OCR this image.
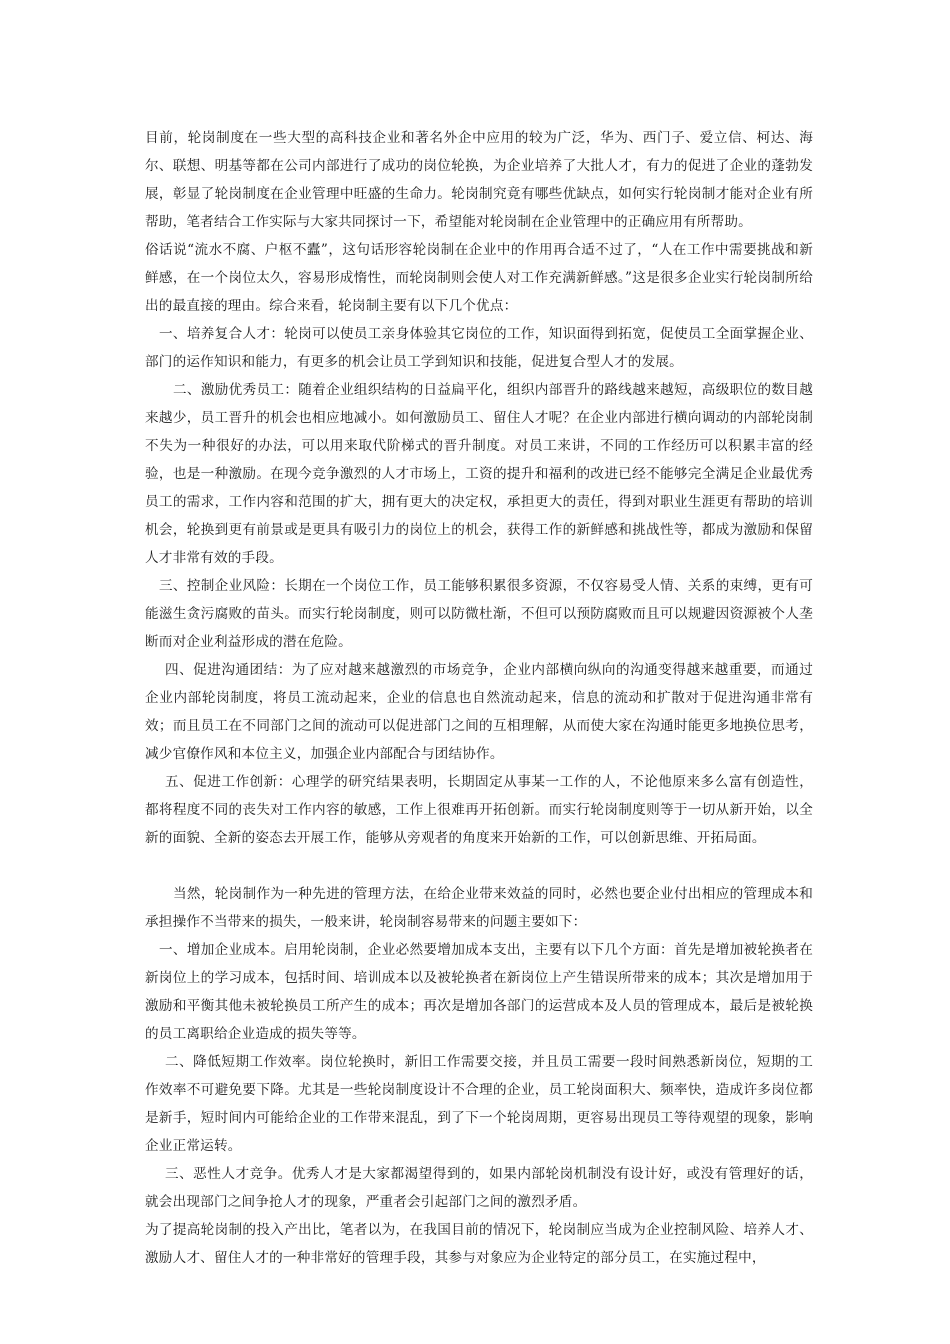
目前，轮岗制度在一些大型的高科技企业和著名外企中应用的较为广泛，华为、西门子、爱立信、柯达、海尔、联想、明基等都在公司内部进行了成功的岗位轮换，为企业培养了大批人才，有力的促进了企业的蓬勃发展，彰显了轮岗制度在企业管理中旺盛的生命力。轮岗制究竟有哪些优缺点，如何实行轮岗制才能对企业有所帮助，笔者结合工作实际与大家共同探讨一下，希望能对轮岗制在企业管理中的正确应用有所帮助。

俗话说“流水不腐、户枢不蠹”，这句话形容轮岗制在企业中的作用再合适不过了，“人在工作中需要挑战和新鲜感，在一个岗位太久，容易形成惰性，而轮岗制则会使人对工作充满新鲜感。”这是很多企业实行轮岗制所给出的最直接的理由。综合来看，轮岗制主要有以下几个优点：

一、培养复合人才：轮岗可以使员工亲身体验其它岗位的工作，知识面得到拓宽，促使员工全面掌握企业、部门的运作知识和能力，有更多的机会让员工学到知识和技能，促进复合型人才的发展。

二、激励优秀员工：随着企业组织结构的日益扁平化，组织内部晋升的路线越来越短，高级职位的数目越来越少，员工晋升的机会也相应地减小。如何激励员工、留住人才呢？在企业内部进行横向调动的内部轮岗制不失为一种很好的办法，可以用来取代阶梯式的晋升制度。对员工来讲，不同的工作经历可以积累丰富的经验，也是一种激励。在现今竞争激烈的人才市场上，工资的提升和福利的改进已经不能够完全满足企业最优秀员工的需求，工作内容和范围的扩大，拥有更大的决定权，承担更大的责任，得到对职业生涯更有帮助的培训机会，轮换到更有前景或是更具有吸引力的岗位上的机会，获得工作的新鲜感和挑战性等，都成为激励和保留人才非常有效的手段。

三、控制企业风险：长期在一个岗位工作，员工能够积累很多资源，不仅容易受人情、关系的束缚，更有可能滋生贪污腐败的苗头。而实行轮岗制度，则可以防微杜渐，不但可以预防腐败而且可以规避因资源被个人垄断而对企业利益形成的潜在危险。

四、促进沟通团结：为了应对越来越激烈的市场竞争，企业内部横向纵向的沟通变得越来越重要，而通过企业内部轮岗制度，将员工流动起来，企业的信息也自然流动起来，信息的流动和扩散对于促进沟通非常有效；而且员工在不同部门之间的流动可以促进部门之间的互相理解，从而使大家在沟通时能更多地换位思考，减少官僚作风和本位主义，加强企业内部配合与团结协作。

五、促进工作创新：心理学的研究结果表明，长期固定从事某一工作的人，不论他原来多么富有创造性，都将程度不同的丧失对工作内容的敏感，工作上很难再开拓创新。而实行轮岗制度则等于一切从新开始，以全新的面貌、全新的姿态去开展工作，能够从旁观者的角度来开始新的工作，可以创新思维、开拓局面。

当然，轮岗制作为一种先进的管理方法，在给企业带来效益的同时，必然也要企业付出相应的管理成本和承担操作不当带来的损失，一般来讲，轮岗制容易带来的问题主要如下：

一、增加企业成本。启用轮岗制，企业必然要增加成本支出，主要有以下几个方面：首先是增加被轮换者在新岗位上的学习成本，包括时间、培训成本以及被轮换者在新岗位上产生错误所带来的成本；其次是增加用于激励和平衡其他未被轮换员工所产生的成本；再次是增加各部门的运营成本及人员的管理成本，最后是被轮换的员工离职给企业造成的损失等等。

二、降低短期工作效率。岗位轮换时，新旧工作需要交接，并且员工需要一段时间熟悉新岗位，短期的工作效率不可避免要下降。尤其是一些轮岗制度设计不合理的企业，员工轮岗面积大、频率快，造成许多岗位都是新手，短时间内可能给企业的工作带来混乱，到了下一个轮岗周期，更容易出现员工等待观望的现象，影响企业正常运转。

三、恶性人才竞争。优秀人才是大家都渴望得到的，如果内部轮岗机制没有设计好，或没有管理好的话，就会出现部门之间争抢人才的现象，严重者会引起部门之间的激烈矛盾。

为了提高轮岗制的投入产出比，笔者以为，在我国目前的情况下，轮岗制应当成为企业控制风险、培养人才、激励人才、留住人才的一种非常好的管理手段，其参与对象应为企业特定的部分员工，在实施过程中，
